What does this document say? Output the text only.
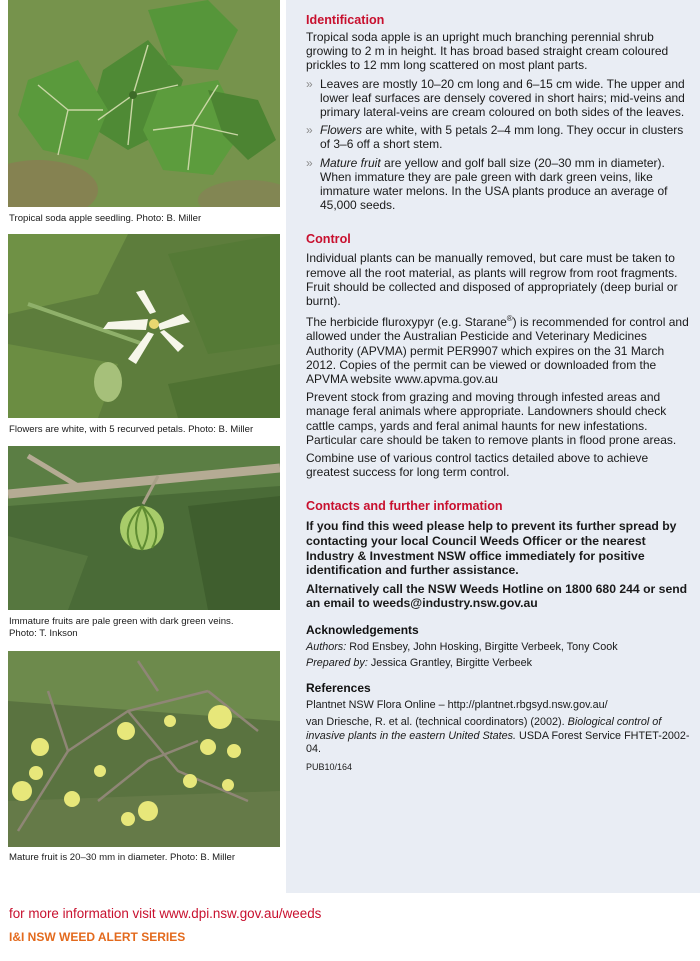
Tropical soda apple seedling. Photo: B. Miller
Flowers are white, with 5 recurved petals. Photo: B. Miller
Immature fruits are pale green with dark green veins.
Photo: T. Inkson
Mature fruit is 20–30 mm in diameter. Photo: B. Miller
Identification

Tropical soda apple is an upright much branching perennial shrub growing to 2 m in height. It has broad based straight cream coloured prickles to 12 mm long scattered on most plant parts.

» Leaves are mostly 10–20 cm long and 6–15 cm wide. The upper and lower leaf surfaces are densely covered in short hairs; mid-veins and primary lateral-veins are cream coloured on both sides of the leaves.

» Flowers are white, with 5 petals 2–4 mm long. They occur in clusters of 3–6 off a short stem.

» Mature fruit are yellow and golf ball size (20–30 mm in diameter). When immature they are pale green with dark green veins, like immature water melons. In the USA plants produce an average of 45,000 seeds.

Control

Individual plants can be manually removed, but care must be taken to remove all the root material, as plants will regrow from root fragments. Fruit should be collected and disposed of appropriately (deep burial or burnt).

The herbicide fluroxypyr (e.g. Starane®) is recommended for control and allowed under the Australian Pesticide and Veterinary Medicines Authority (APVMA) permit PER9907 which expires on the 31 March 2012. Copies of the permit can be viewed or downloaded from the APVMA website www.apvma.gov.au

Prevent stock from grazing and moving through infested areas and manage feral animals where appropriate. Landowners should check cattle camps, yards and feral animal haunts for new infestations. Particular care should be taken to remove plants in flood prone areas.

Combine use of various control tactics detailed above to achieve greatest success for long term control.

Contacts and further information

If you find this weed please help to prevent its further spread by contacting your local Council Weeds Officer or the nearest Industry & Investment NSW office immediately for positive identification and further assistance.

Alternatively call the NSW Weeds Hotline on 1800 680 244 or send an email to weeds@industry.nsw.gov.au

Acknowledgements

Authors: Rod Ensbey, John Hosking, Birgitte Verbeek, Tony Cook

Prepared by: Jessica Grantley, Birgitte Verbeek

References

Plantnet NSW Flora Online – http://plantnet.rbgsyd.nsw.gov.au/

van Driesche, R. et al. (technical coordinators) (2002). Biological control of invasive plants in the eastern United States. USDA Forest Service FHTET-2002-04.

PUB10/164

for more information visit www.dpi.nsw.gov.au/weeds
I&I NSW WEED ALERT SERIES
